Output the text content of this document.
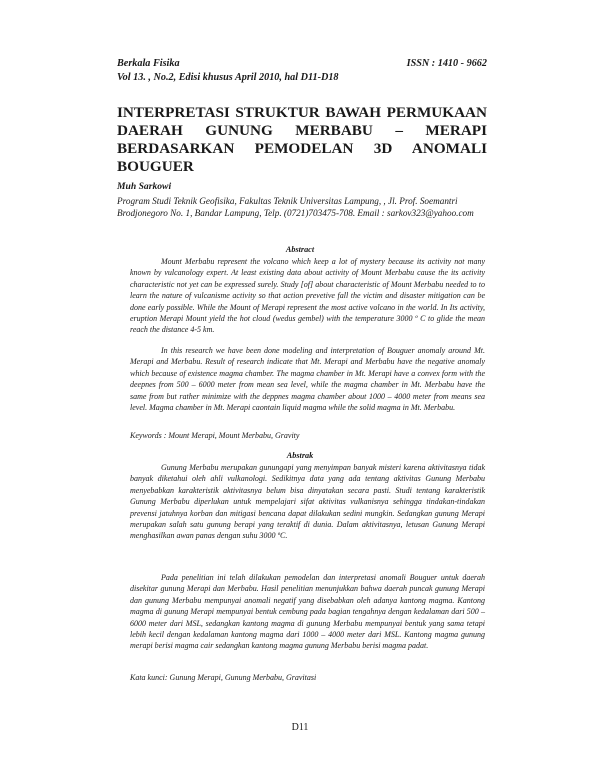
Berkala Fisika	ISSN : 1410 - 9662
Vol 13. , No.2, Edisi khusus April 2010, hal D11-D18
INTERPRETASI STRUKTUR BAWAH PERMUKAAN
DAERAH GUNUNG MERBABU – MERAPI
BERDASARKAN PEMODELAN 3D ANOMALI
BOUGUER
Muh Sarkowi
Program Studi Teknik Geofisika, Fakultas Teknik Universitas Lampung, , Jl. Prof. Soemantri Brodjonegoro No. 1, Bandar Lampung, Telp. (0721)703475-708. Email : sarkov323@yahoo.com
Abstract

Mount Merbabu represent the volcano which keep a lot of mystery because its activity not many known by vulcanology expert. At least existing data about activity of Mount Merbabu cause the its activity characteristic not yet can be expressed surely. Study [of] about characteristic of Mount Merbabu needed to to learn the nature of vulcanisme activity so that action prevetive fall the victim and disaster mitigation can be done early possible. While the Mount of Merapi represent the most active volcano in the world. In Its activity, eruption Merapi Mount yield the hot cloud (wedus gembel) with the temperature 3000 º C to glide the mean reach the distance 4-5 km.

In this research we have been done modeling and interpretation of Bouguer anomaly around Mt. Merapi and Merbabu. Result of research indicate that Mt. Merapi and Merbabu have the negative anomaly which because of existence magma chamber. The magma chamber in Mt. Merapi have a convex form with the deepnes from 500 – 6000 meter from mean sea level, while the magma chamber in Mt. Merbabu have the same from but rather minimize with the deppnes magma chamber about 1000 – 4000 meter from means sea level. Magma chamber in Mt. Merapi caontain liquid magma while the solid magma in Mt. Merbabu.

Keywords : Mount Merapi, Mount Merbabu, Gravity
Abstrak

Gunung Merbabu merupakan gunungapi yang menyimpan banyak misteri karena aktivitasnya tidak banyak diketahui oleh ahli vulkanologi. Sedikitnya data yang ada tentang aktivitas Gunung Merbabu menyebabkan karakteristik aktivitasnya belum bisa dinyatakan secara pasti. Studi tentang karakteristik Gunung Merbabu diperlukan untuk mempelajari sifat aktivitas vulkanisnya sehingga tindakan-tindakan prevensi jatuhnya korban dan mitigasi bencana dapat dilakukan sedini mungkin. Sedangkan gunung Merapi merupakan salah satu gunung berapi yang teraktif di dunia. Dalam aktivitasnya, letusan Gunung Merapi menghasilkan awan panas dengan suhu 3000 ºC.

Pada penelitian ini telah dilakukan pemodelan dan interpretasi anomali Bouguer untuk daerah disekitar gunung Merapi dan Merbabu. Hasil penelitian menunjukkan bahwa daerah puncak gunung Merapi dan gunung Merbabu mempunyai anomali negatif yang disebabkan oleh adanya kantong magma. Kantong magma di gunung Merapi mempunyai bentuk cembung pada bagian tengahnya dengan kedalaman dari 500 – 6000 meter dari MSL, sedangkan kantong magma di gunung Merbabu mempunyai bentuk yang sama tetapi lebih kecil dengan kedalaman kantong magma dari 1000 – 4000 meter dari MSL. Kantong magma gunung merapi berisi magma cair sedangkan kantong magma gunung Merbabu berisi magma padat.

Kata kunci: Gunung Merapi, Gunung Merbabu, Gravitasi
D11
